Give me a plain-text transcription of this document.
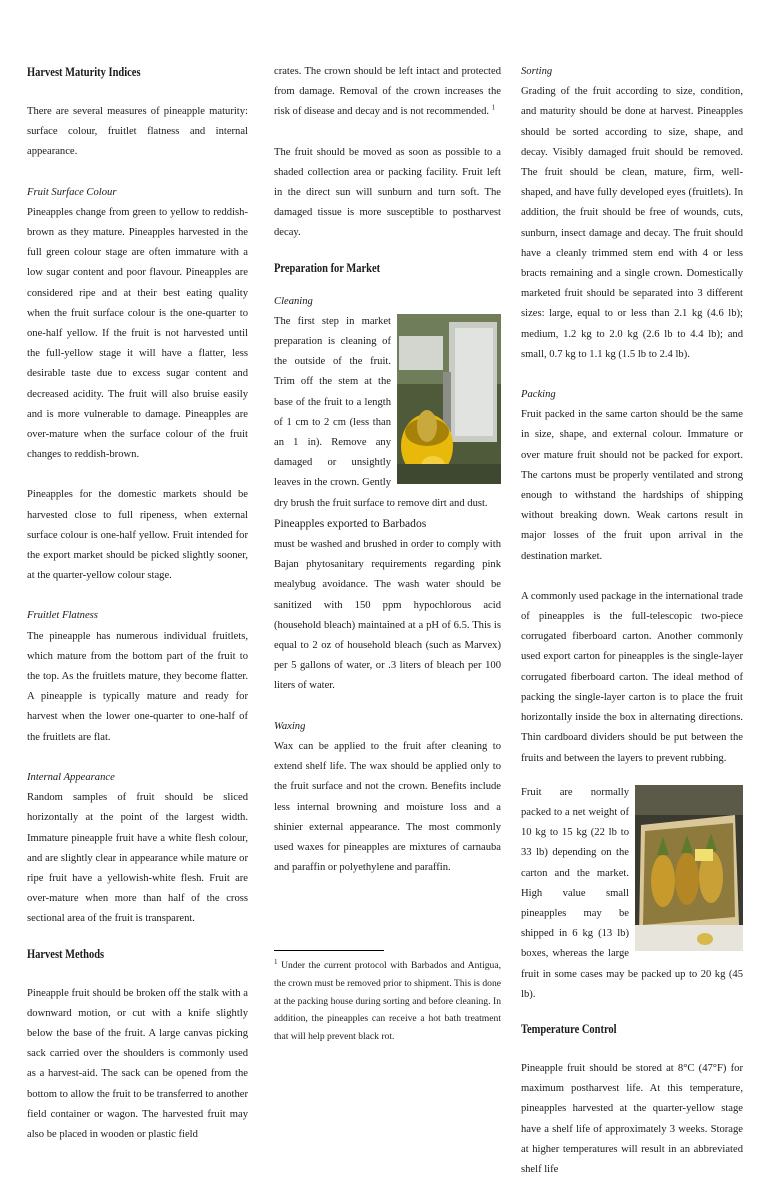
Harvest Maturity Indices

There are several measures of pineapple maturity: surface colour, fruitlet flatness and internal appearance.

Fruit Surface Colour

Pineapples change from green to yellow to reddish-brown as they mature. Pineapples harvested in the full green colour stage are often immature with a low sugar content and poor flavour. Pineapples are considered ripe and at their best eating quality when the fruit surface colour is the one-quarter to one-half yellow. If the fruit is not harvested until the full-yellow stage it will have a flatter, less desirable taste due to excess sugar content and decreased acidity. The fruit will also bruise easily and is more vulnerable to damage. Pineapples are over-mature when the surface colour of the fruit changes to reddish-brown.

Pineapples for the domestic markets should be harvested close to full ripeness, when external surface colour is one-half yellow. Fruit intended for the export market should be picked slightly sooner, at the quarter-yellow colour stage.

Fruitlet Flatness

The pineapple has numerous individual fruitlets, which mature from the bottom part of the fruit to the top. As the fruitlets mature, they become flatter. A pineapple is typically mature and ready for harvest when the lower one-quarter to one-half of the fruitlets are flat.

Internal Appearance

Random samples of fruit should be sliced horizontally at the point of the largest width. Immature pineapple fruit have a white flesh colour, and are slightly clear in appearance while mature or ripe fruit have a yellowish-white flesh. Fruit are over-mature when more than half of the cross sectional area of the fruit is transparent.

Harvest Methods

Pineapple fruit should be broken off the stalk with a downward motion, or cut with a knife slightly below the base of the fruit. A large canvas picking sack carried over the shoulders is commonly used as a harvest-aid. The sack can be opened from the bottom to allow the fruit to be transferred to another field container or wagon. The harvested fruit may also be placed in wooden or plastic field

crates. The crown should be left intact and protected from damage. Removal of the crown increases the risk of disease and decay and is not recommended. $^1$

The fruit should be moved as soon as possible to a shaded collection area or packing facility. Fruit left in the direct sun will sunburn and turn soft. The damaged tissue is more susceptible to postharvest decay.

Preparation for Market

Cleaning

The first step in market preparation is cleaning of the outside of the fruit. Trim off the stem at the base of the fruit to a length of 1 cm to 2 cm (less than an 1 in). Remove any damaged or unsightly leaves in the crown. Gently dry brush the fruit surface to remove dirt and dust.

Pineapples exported to Barbados
must be washed and brushed in order to comply with Bajan phytosanitary requirements regarding pink mealybug avoidance. The wash water should be sanitized with 150 ppm hypochlorous acid (household bleach) maintained at a pH of 6.5. This is equal to 2 oz of household bleach (such as Marvex) per 5 gallons of water, or .3 liters of bleach per 100 liters of water.

Waxing

Wax can be applied to the fruit after cleaning to extend shelf life. The wax should be applied only to the fruit surface and not the crown. Benefits include less internal browning and moisture loss and a shinier external appearance. The most commonly used waxes for pineapples are mixtures of carnauba and paraffin or polyethylene and paraffin.

$^1$ Under the current protocol with Barbados and Antigua, the crown must be removed prior to shipment. This is done at the packing house during sorting and before cleaning. In addition, the pineapples can receive a hot bath treatment that will help prevent black rot.

Sorting

Grading of the fruit according to size, condition, and maturity should be done at harvest. Pineapples should be sorted according to size, shape, and decay. Visibly damaged fruit should be removed. The fruit should be clean, mature, firm, well-shaped, and have fully developed eyes (fruitlets). In addition, the fruit should be free of wounds, cuts, sunburn, insect damage and decay. The fruit should have a cleanly trimmed stem end with 4 or less bracts remaining and a single crown. Domestically marketed fruit should be separated into 3 different sizes: large, equal to or less than 2.1 kg (4.6 lb); medium, 1.2 kg to 2.0 kg (2.6 lb to 4.4 lb); and small, 0.7 kg to 1.1 kg (1.5 lb to 2.4 lb).

Packing

Fruit packed in the same carton should be the same in size, shape, and external colour. Immature or over mature fruit should not be packed for export. The cartons must be properly ventilated and strong enough to withstand the hardships of shipping without breaking down. Weak cartons result in major losses of the fruit upon arrival in the destination market.

A commonly used package in the international trade of pineapples is the full-telescopic two-piece corrugated fiberboard carton. Another commonly used export carton for pineapples is the single-layer corrugated fiberboard carton. The ideal method of packing the single-layer carton is to place the fruit horizontally inside the box in alternating directions. Thin cardboard dividers should be put between the fruits and between the layers to prevent rubbing.

Fruit are normally packed to a net weight of 10 kg to 15 kg (22 lb to 33 lb) depending on the carton and the market. High value small pineapples may be shipped in 6 kg (13 lb) boxes, whereas the large fruit in some cases may be packed up to 20 kg (45 lb).

Temperature Control

Pineapple fruit should be stored at 8°C (47°F) for maximum postharvest life. At this temperature, pineapples harvested at the quarter-yellow stage have a shelf life of approximately 3 weeks. Storage at higher temperatures will result in an abbreviated shelf life
